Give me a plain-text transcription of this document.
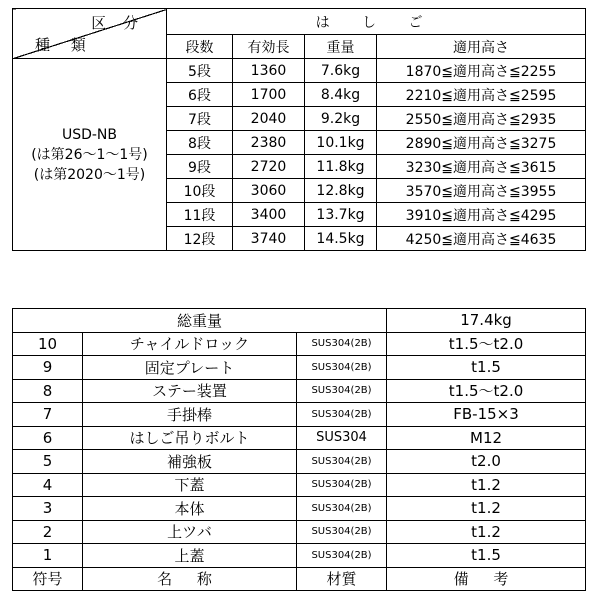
区 分
種 類	は し ご			
	段数	有効長	重量	適用高さ

USD-NB
(は第26～1～1号)
(は第2020～1号)	5段	1360	7.6kg	1870≦適用高さ≦2255
	6段	1700	8.4kg	2210≦適用高さ≦2595
	7段	2040	9.2kg	2550≦適用高さ≦2935
	8段	2380	10.1kg	2890≦適用高さ≦3275
	9段	2720	11.8kg	3230≦適用高さ≦3615
	10段	3060	12.8kg	3570≦適用高さ≦3955
	11段	3400	13.7kg	3910≦適用高さ≦4295
	12段	3740	14.5kg	4250≦適用高さ≦4635
総重量			17.4kg
10	チャイルドロック	SUS304(2B)	t1.5～t2.0
9	固定プレート	SUS304(2B)	t1.5
8	ステー装置	SUS304(2B)	t1.5～t2.0
7	手掛棒	SUS304(2B)	FB-15×3
6	はしご吊りボルト	SUS304	M12
5	補強板	SUS304(2B)	t2.0
4	下蓋	SUS304(2B)	t1.2
3	本体	SUS304(2B)	t1.2
2	上ツバ	SUS304(2B)	t1.2
1	上蓋	SUS304(2B)	t1.5
符号	名 称	材質	備 考
